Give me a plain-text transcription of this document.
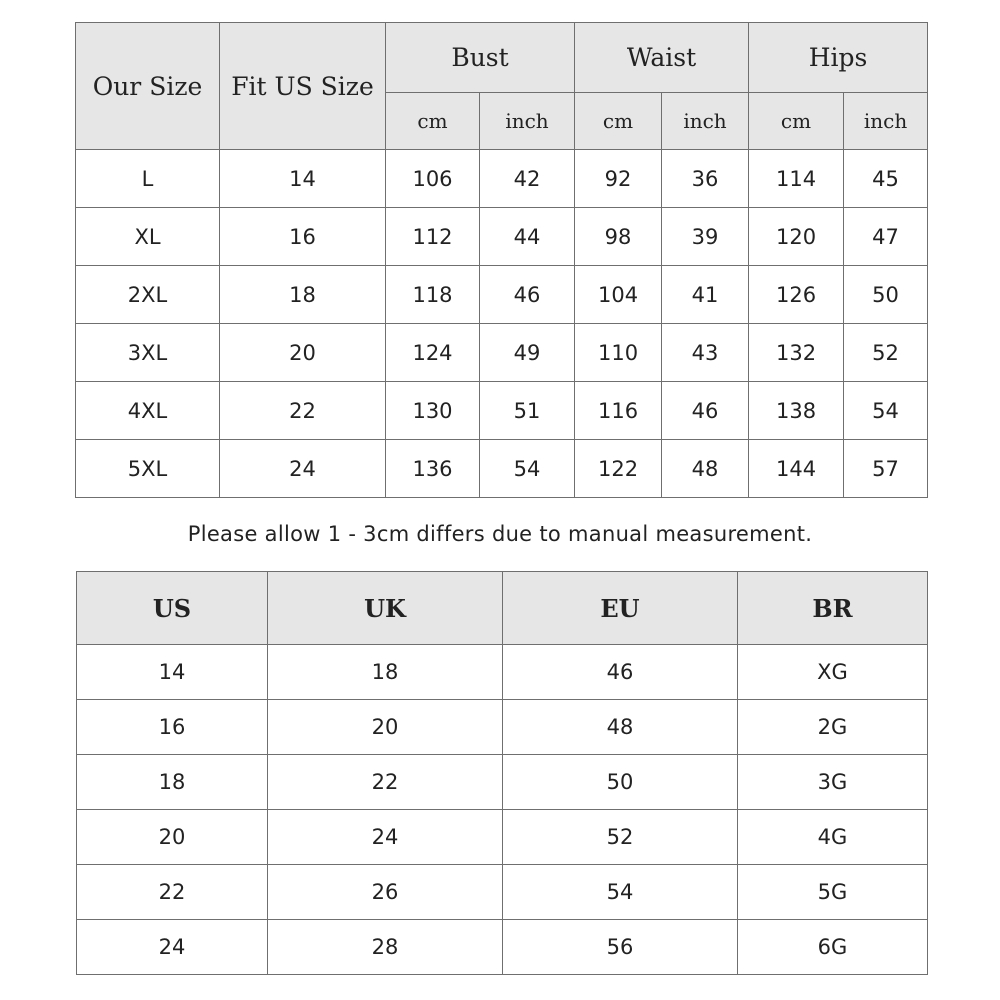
Our Size	Fit US Size	Bust		Waist		Hips	
		cm	inch	cm	inch	cm	inch
L	14	106	42	92	36	114	45
XL	16	112	44	98	39	120	47
2XL	18	118	46	104	41	126	50
3XL	20	124	49	110	43	132	52
4XL	22	130	51	116	46	138	54
5XL	24	136	54	122	48	144	57
Please allow 1 - 3cm differs due to manual measurement.
US	UK	EU	BR
14	18	46	XG
16	20	48	2G
18	22	50	3G
20	24	52	4G
22	26	54	5G
24	28	56	6G
